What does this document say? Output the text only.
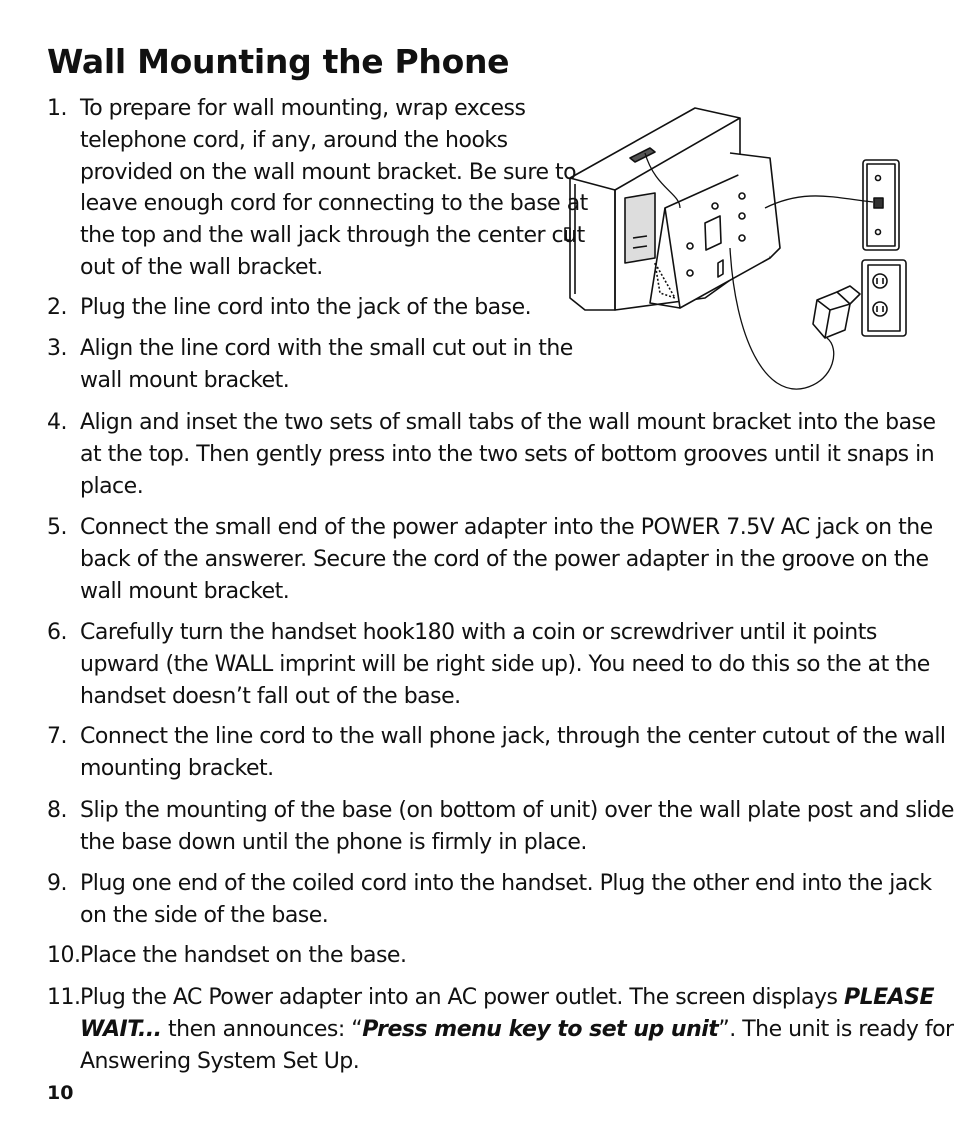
Wall Mounting the Phone
1. To prepare for wall mounting, wrap excess
telephone cord, if any, around the hooks
provided on the wall mount bracket. Be sure to
leave enough cord for connecting to the base at
the top and the wall jack through the center cut
out of the wall bracket.
2. Plug the line cord into the jack of the base.
3. Align the line cord with the small cut out in the
wall mount bracket.
4. Align and inset the two sets of small tabs of the wall mount bracket into the base
at the top. Then gently press into the two sets of bottom grooves until it snaps in
place.
5. Connect the small end of the power adapter into the POWER 7.5V AC jack on the
back of the answerer. Secure the cord of the power adapter in the groove on the
wall mount bracket.
6. Carefully turn the handset hook180 with a coin or screwdriver until it points
upward (the WALL imprint will be right side up). You need to do this so the at the
handset doesn’t fall out of the base.
7. Connect the line cord to the wall phone jack, through the center cutout of the wall
mounting bracket.
8. Slip the mounting of the base (on bottom of unit) over the wall plate post and slide
the base down until the phone is firmly in place.
9. Plug one end of the coiled cord into the handset. Plug the other end into the jack
on the side of the base.
10. Place the handset on the base.
11. Plug the AC Power adapter into an AC power outlet. The screen displays PLEASE
WAIT... then announces: “Press menu key to set up unit”. The unit is ready for
Answering System Set Up.
10
